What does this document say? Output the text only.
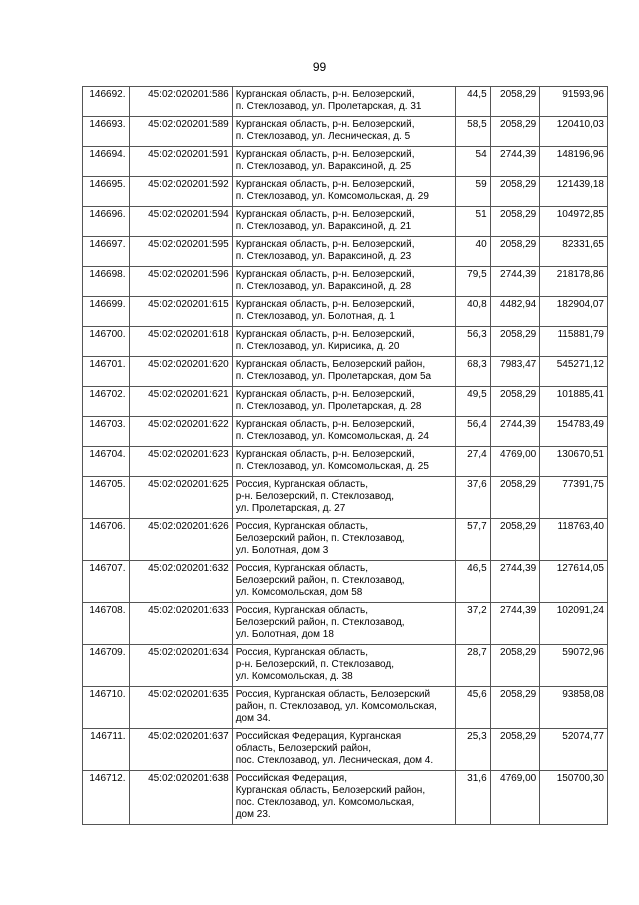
99
146692.	45:02:020201:586	Курганская область, р-н. Белозерский,
п. Стеклозавод, ул. Пролетарская, д. 31	44,5	2058,29	91593,96
146693.	45:02:020201:589	Курганская область, р-н. Белозерский,
п. Стеклозавод, ул. Лесническая, д. 5	58,5	2058,29	120410,03
146694.	45:02:020201:591	Курганская область, р-н. Белозерский,
п. Стеклозавод, ул. Вараксиной, д. 25	54	2744,39	148196,96
146695.	45:02:020201:592	Курганская область, р-н. Белозерский,
п. Стеклозавод, ул. Комсомольская, д. 29	59	2058,29	121439,18
146696.	45:02:020201:594	Курганская область, р-н. Белозерский,
п. Стеклозавод, ул. Вараксиной, д. 21	51	2058,29	104972,85
146697.	45:02:020201:595	Курганская область, р-н. Белозерский,
п. Стеклозавод, ул. Вараксиной, д. 23	40	2058,29	82331,65
146698.	45:02:020201:596	Курганская область, р-н. Белозерский,
п. Стеклозавод, ул. Вараксиной, д. 28	79,5	2744,39	218178,86
146699.	45:02:020201:615	Курганская область, р-н. Белозерский,
п. Стеклозавод, ул. Болотная, д. 1	40,8	4482,94	182904,07
146700.	45:02:020201:618	Курганская область, р-н. Белозерский,
п. Стеклозавод, ул. Кирисика, д. 20	56,3	2058,29	115881,79
146701.	45:02:020201:620	Курганская область, Белозерский район,
п. Стеклозавод, ул. Пролетарская, дом 5а	68,3	7983,47	545271,12
146702.	45:02:020201:621	Курганская область, р-н. Белозерский,
п. Стеклозавод, ул. Пролетарская, д. 28	49,5	2058,29	101885,41
146703.	45:02:020201:622	Курганская область, р-н. Белозерский,
п. Стеклозавод, ул. Комсомольская, д. 24	56,4	2744,39	154783,49
146704.	45:02:020201:623	Курганская область, р-н. Белозерский,
п. Стеклозавод, ул. Комсомольская, д. 25	27,4	4769,00	130670,51
146705.	45:02:020201:625	Россия, Курганская область,
р-н. Белозерский, п. Стеклозавод,
ул. Пролетарская, д. 27	37,6	2058,29	77391,75
146706.	45:02:020201:626	Россия, Курганская область,
Белозерский район, п. Стеклозавод,
ул. Болотная, дом 3	57,7	2058,29	118763,40
146707.	45:02:020201:632	Россия, Курганская область,
Белозерский район, п. Стеклозавод,
ул. Комсомольская, дом 58	46,5	2744,39	127614,05
146708.	45:02:020201:633	Россия, Курганская область,
Белозерский район, п. Стеклозавод,
ул. Болотная, дом 18	37,2	2744,39	102091,24
146709.	45:02:020201:634	Россия, Курганская область,
р-н. Белозерский, п. Стеклозавод,
ул. Комсомольская, д. 38	28,7	2058,29	59072,96
146710.	45:02:020201:635	Россия, Курганская область, Белозерский
район, п. Стеклозавод, ул. Комсомольская,
дом 34.	45,6	2058,29	93858,08
146711.	45:02:020201:637	Российская Федерация, Курганская
область, Белозерский район,
пос. Стеклозавод, ул. Лесническая, дом 4.	25,3	2058,29	52074,77
146712.	45:02:020201:638	Российская Федерация,
Курганская область, Белозерский район,
пос. Стеклозавод, ул. Комсомольская,
дом 23.	31,6	4769,00	150700,30
